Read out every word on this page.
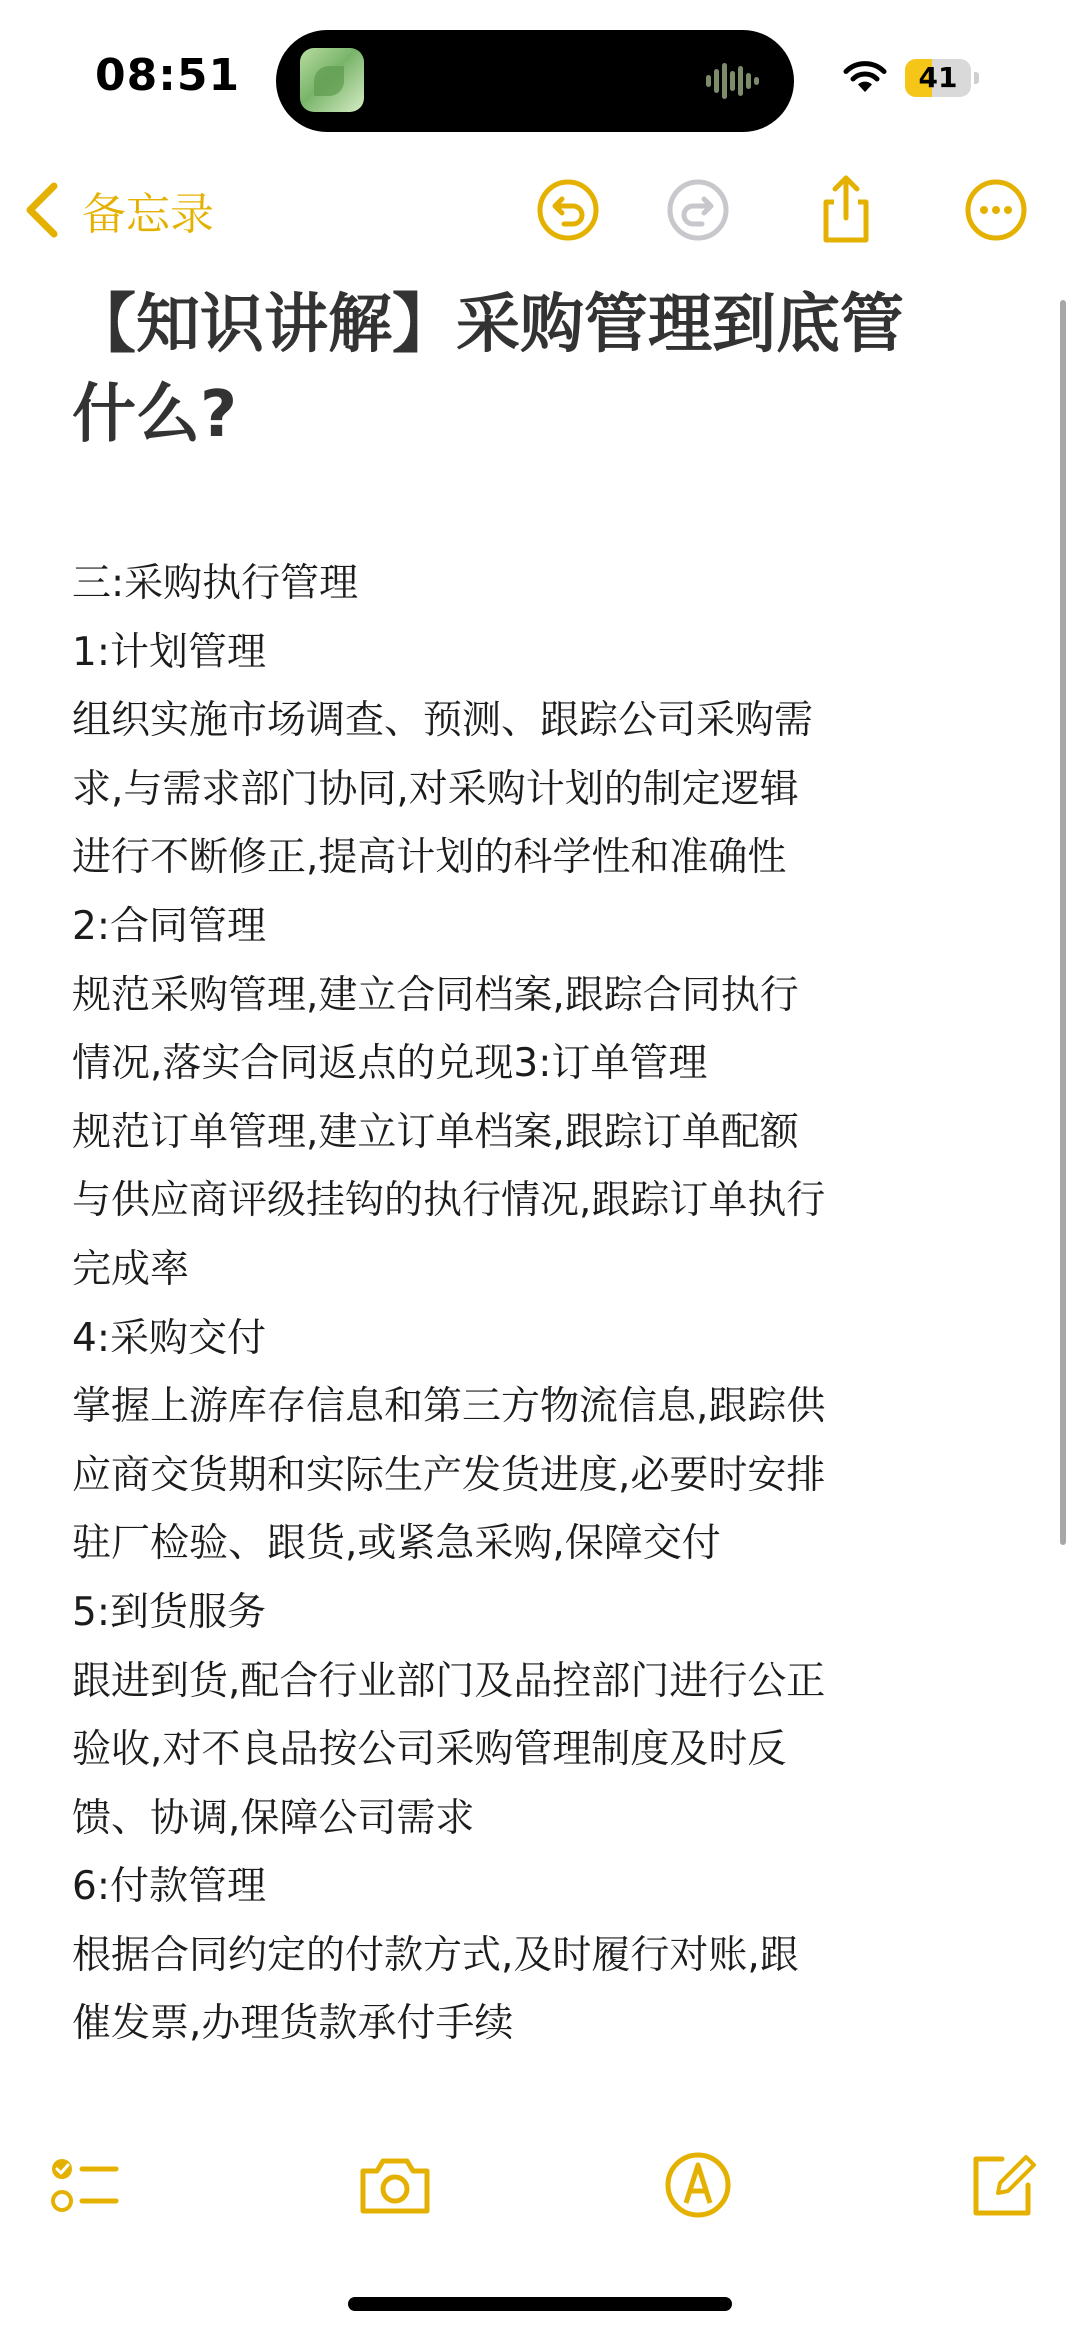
08:51	41
备忘录
【知识讲解】采购管理到底管
什么?
三:采购执行管理
1:计划管理
组织实施市场调查、预测、跟踪公司采购需
求,与需求部门协同,对采购计划的制定逻辑
进行不断修正,提高计划的科学性和准确性
2:合同管理
规范采购管理,建立合同档案,跟踪合同执行
情况,落实合同返点的兑现3:订单管理
规范订单管理,建立订单档案,跟踪订单配额
与供应商评级挂钩的执行情况,跟踪订单执行
完成率
4:采购交付
掌握上游库存信息和第三方物流信息,跟踪供
应商交货期和实际生产发货进度,必要时安排
驻厂检验、跟货,或紧急采购,保障交付
5:到货服务
跟进到货,配合行业部门及品控部门进行公正
验收,对不良品按公司采购管理制度及时反
馈、协调,保障公司需求
6:付款管理
根据合同约定的付款方式,及时履行对账,跟
催发票,办理货款承付手续
